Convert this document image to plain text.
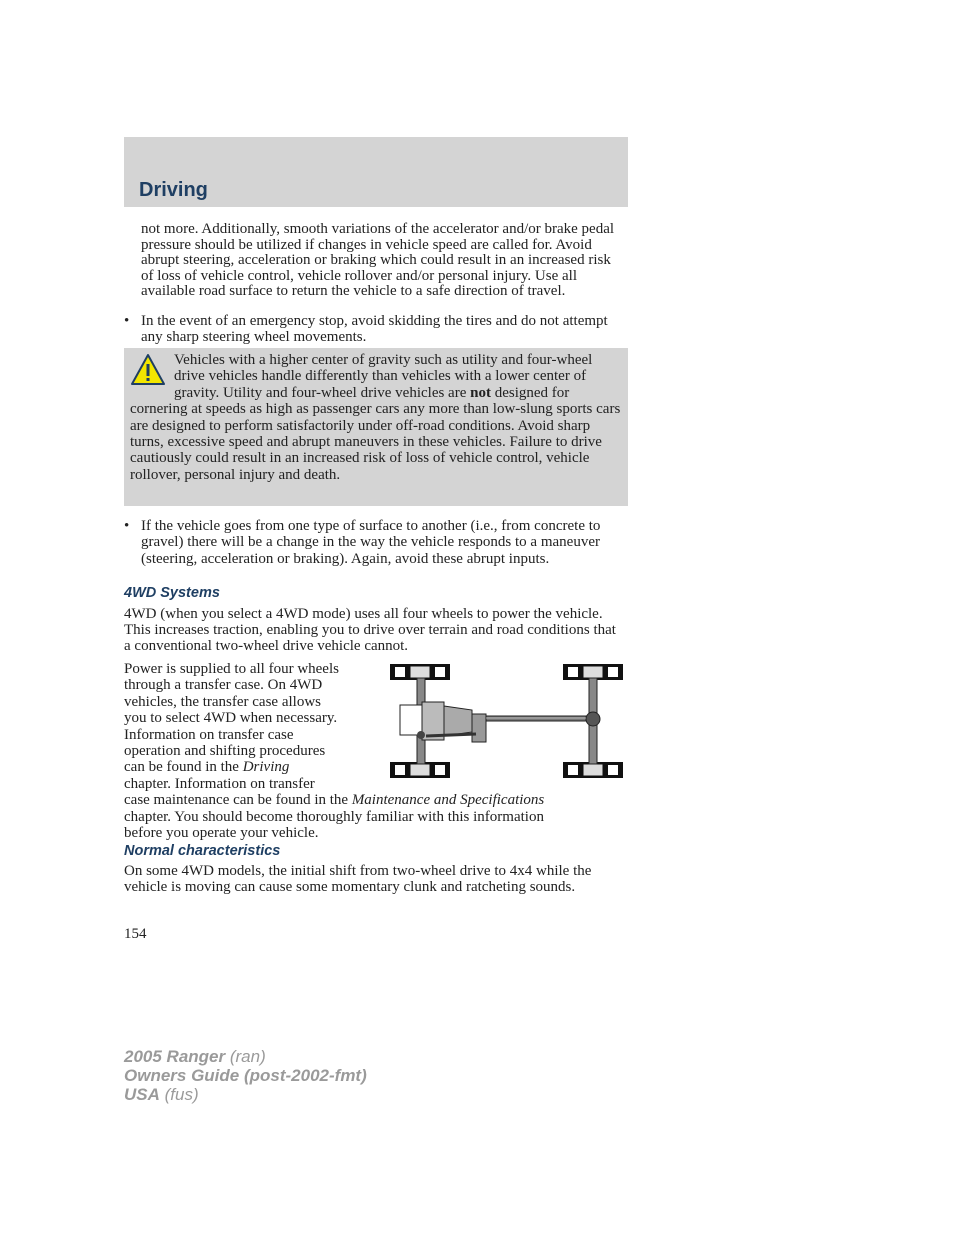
Driving
not more. Additionally, smooth variations of the accelerator and/or brake pedal pressure should be utilized if changes in vehicle speed are called for. Avoid abrupt steering, acceleration or braking which could result in an increased risk of loss of vehicle control, vehicle rollover and/or personal injury. Use all available road surface to return the vehicle to a safe direction of travel.
• In the event of an emergency stop, avoid skidding the tires and do not attempt any sharp steering wheel movements.
Vehicles with a higher center of gravity such as utility and four-wheel drive vehicles handle differently than vehicles with a lower center of gravity. Utility and four-wheel drive vehicles are not designed for cornering at speeds as high as passenger cars any more than low-slung sports cars are designed to perform satisfactorily under off-road conditions. Avoid sharp turns, excessive speed and abrupt maneuvers in these vehicles. Failure to drive cautiously could result in an increased risk of loss of vehicle control, vehicle rollover, personal injury and death.
• If the vehicle goes from one type of surface to another (i.e., from concrete to gravel) there will be a change in the way the vehicle responds to a maneuver (steering, acceleration or braking). Again, avoid these abrupt inputs.
4WD Systems
4WD (when you select a 4WD mode) uses all four wheels to power the vehicle. This increases traction, enabling you to drive over terrain and road conditions that a conventional two-wheel drive vehicle cannot.
Power is supplied to all four wheels
through a transfer case. On 4WD
vehicles, the transfer case allows
you to select 4WD when necessary.
Information on transfer case
operation and shifting procedures
can be found in the Driving
chapter. Information on transfer
case maintenance can be found in the Maintenance and Specifications
chapter. You should become thoroughly familiar with this information
before you operate your vehicle.
Normal characteristics
On some 4WD models, the initial shift from two-wheel drive to 4x4 while the vehicle is moving can cause some momentary clunk and ratcheting sounds.
154
2005 Ranger (ran)
Owners Guide (post-2002-fmt)
USA (fus)
